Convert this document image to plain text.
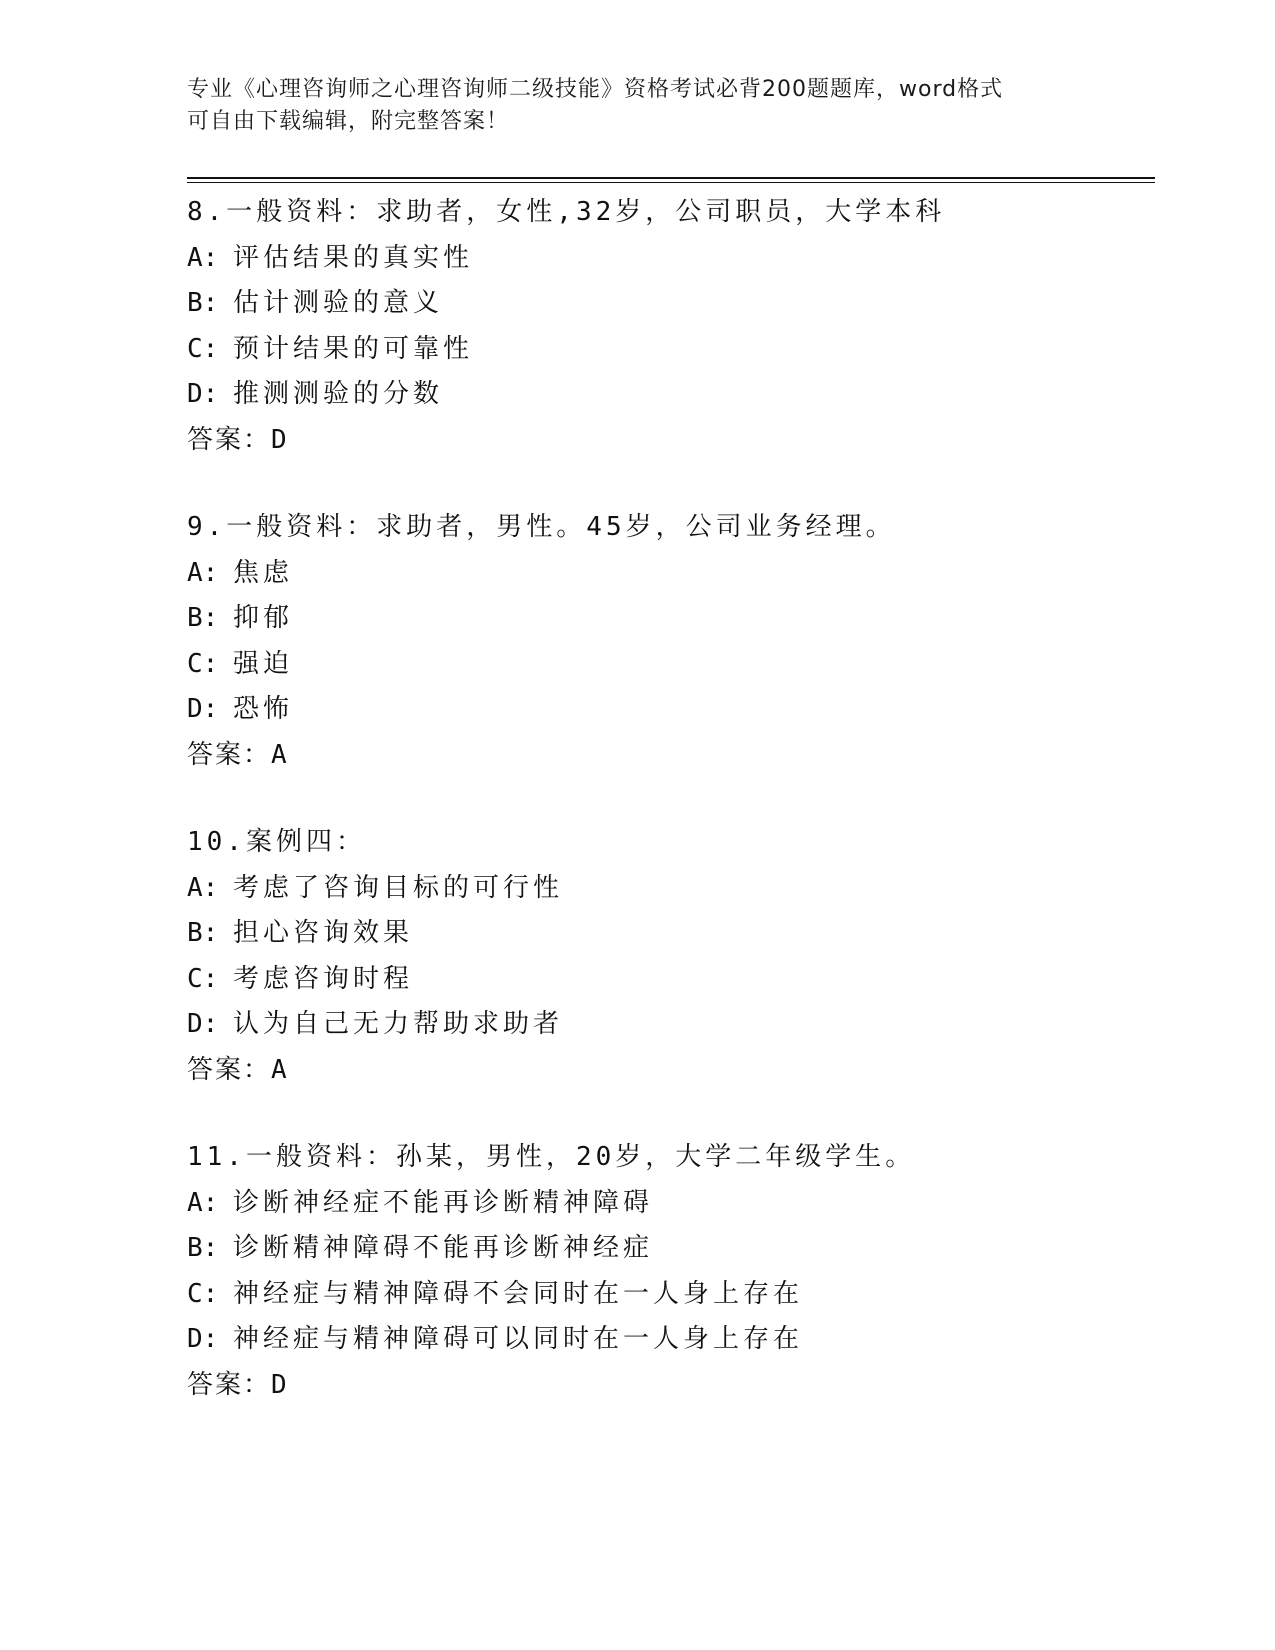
专业《心理咨询师之心理咨询师二级技能》资格考试必背200题题库，word格式
可自由下载编辑，附完整答案！
8.一般资料：求助者，女性,32岁，公司职员，大学本科
A: 评估结果的真实性
B: 估计测验的意义
C: 预计结果的可靠性
D: 推测测验的分数
答案：D
9.一般资料：求助者，男性。45岁，公司业务经理。
A: 焦虑
B: 抑郁
C: 强迫
D: 恐怖
答案：A
10.案例四：
A: 考虑了咨询目标的可行性
B: 担心咨询效果
C: 考虑咨询时程
D: 认为自己无力帮助求助者
答案：A
11.一般资料：孙某，男性，20岁，大学二年级学生。
A: 诊断神经症不能再诊断精神障碍
B: 诊断精神障碍不能再诊断神经症
C: 神经症与精神障碍不会同时在一人身上存在
D: 神经症与精神障碍可以同时在一人身上存在
答案：D
